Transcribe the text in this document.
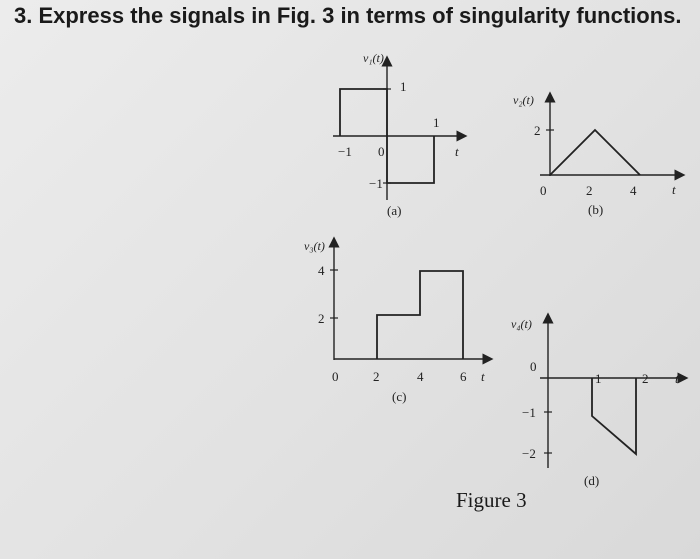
3. Express the signals in Fig. 3 in terms of singularity functions.
v₁(t)
t
−1 0
1
1
−1
(a)
v₂(t)
t
0	2	4
2
(b)
v₃(t)
t
0	2	4	6
2
4
(c)
v₄(t)
t
1	2
0
−1
−2
(d)
Figure 3
